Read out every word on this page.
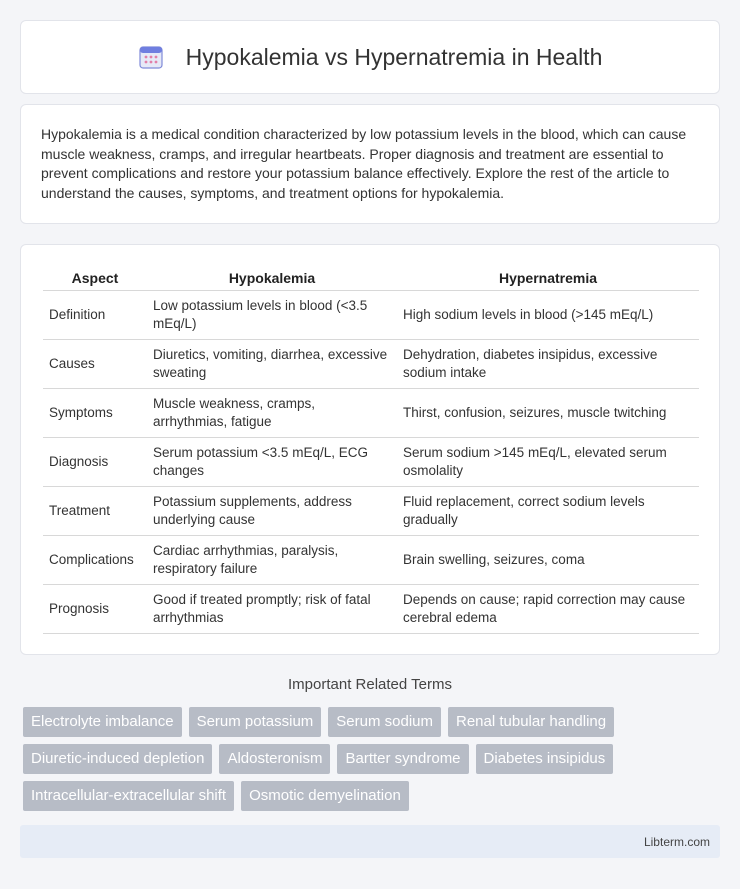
Hypokalemia vs Hypernatremia in Health

Hypokalemia is a medical condition characterized by low potassium levels in the blood, which can cause muscle weakness, cramps, and irregular heartbeats. Proper diagnosis and treatment are essential to prevent complications and restore your potassium balance effectively. Explore the rest of the article to understand the causes, symptoms, and treatment options for hypokalemia.

Aspect	Hypokalemia	Hypernatremia
Definition	Low potassium levels in blood (<3.5 mEq/L)	High sodium levels in blood (>145 mEq/L)
Causes	Diuretics, vomiting, diarrhea, excessive sweating	Dehydration, diabetes insipidus, excessive sodium intake
Symptoms	Muscle weakness, cramps, arrhythmias, fatigue	Thirst, confusion, seizures, muscle twitching
Diagnosis	Serum potassium <3.5 mEq/L, ECG changes	Serum sodium >145 mEq/L, elevated serum osmolality
Treatment	Potassium supplements, address underlying cause	Fluid replacement, correct sodium levels gradually
Complications	Cardiac arrhythmias, paralysis, respiratory failure	Brain swelling, seizures, coma
Prognosis	Good if treated promptly; risk of fatal arrhythmias	Depends on cause; rapid correction may cause cerebral edema
Important Related Terms
Electrolyte imbalance	Serum potassium	Serum sodium	Renal tubular handling
Diuretic-induced depletion	Aldosteronism	Bartter syndrome	Diabetes insipidus
Intracellular-extracellular shift	Osmotic demyelination
Libterm.com
